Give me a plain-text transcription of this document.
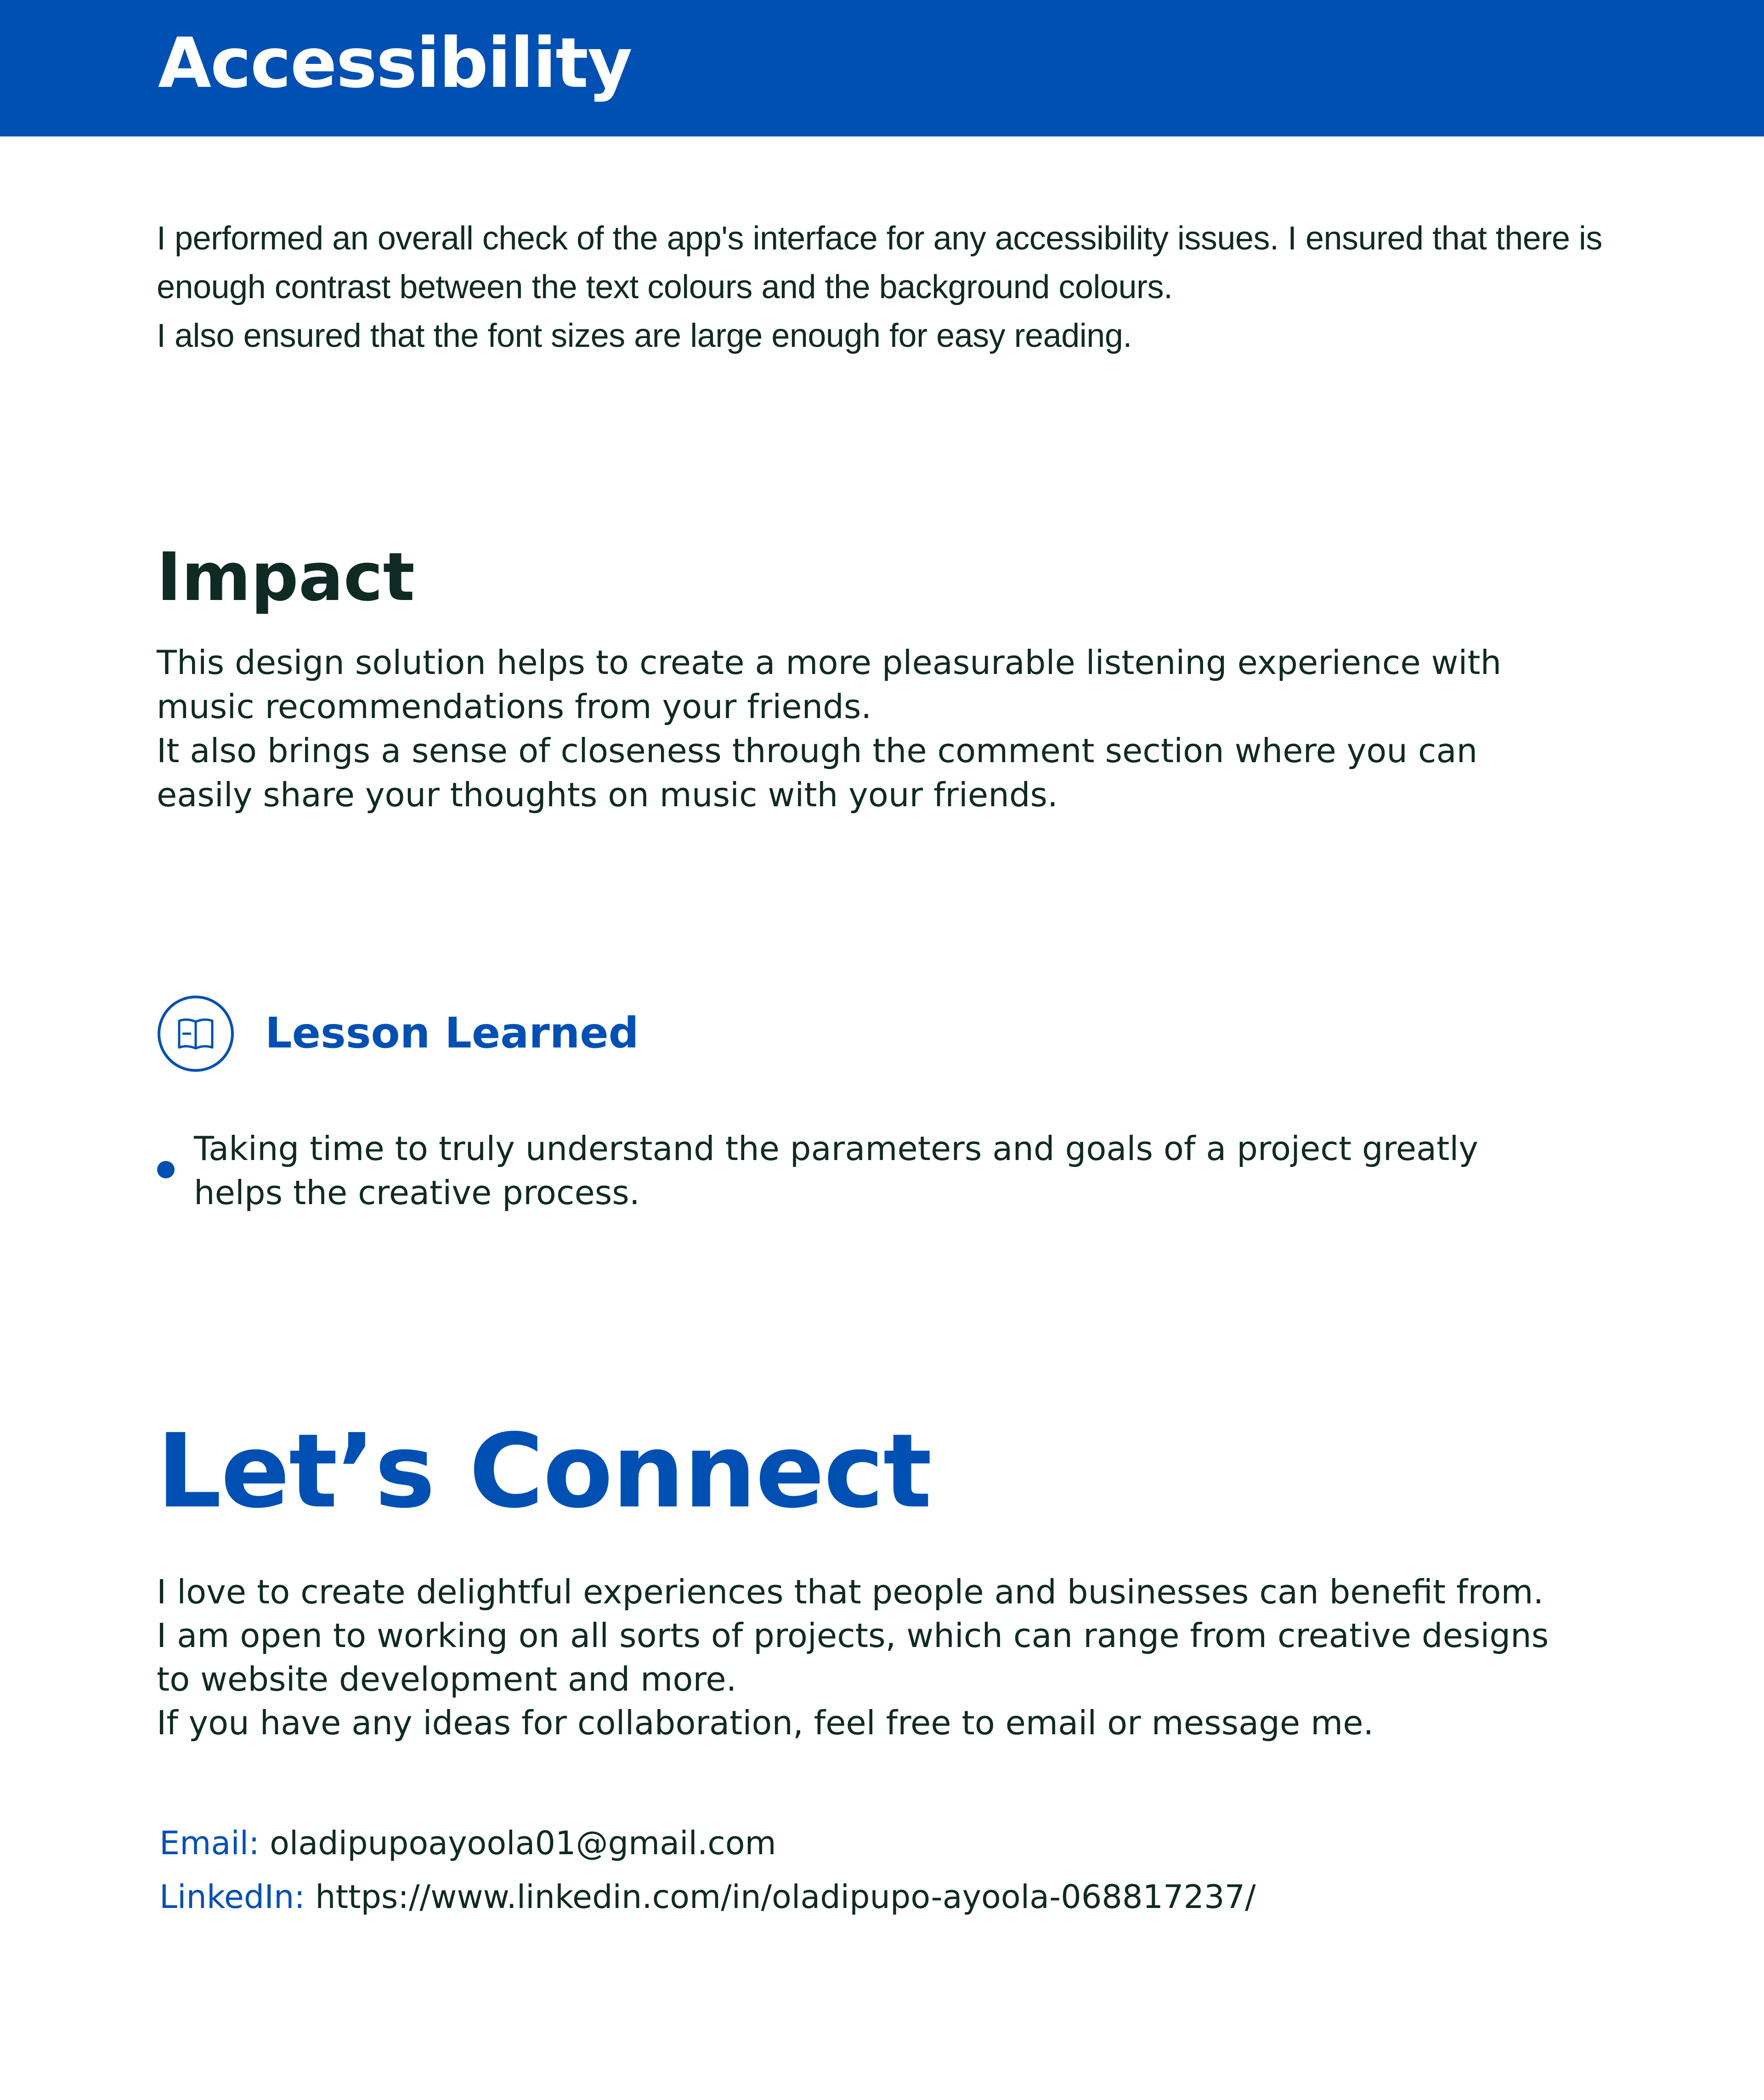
Accessibility

I performed an overall check of the app's interface for any accessibility issues. I ensured that there is
enough contrast between the text colours and the background colours.
I also ensured that the font sizes are large enough for easy reading.

Impact

This design solution helps to create a more pleasurable listening experience with
music recommendations from your friends.
It also brings a sense of closeness through the comment section where you can
easily share your thoughts on music with your friends.

Lesson Learned

Taking time to truly understand the parameters and goals of a project greatly
helps the creative process.

Let’s Connect

I love to create delightful experiences that people and businesses can benefit from.
I am open to working on all sorts of projects, which can range from creative designs
to website development and more.
If you have any ideas for collaboration, feel free to email or message me.

Email: oladipupoayoola01@gmail.com

LinkedIn: https://www.linkedin.com/in/oladipupo-ayoola-068817237/
